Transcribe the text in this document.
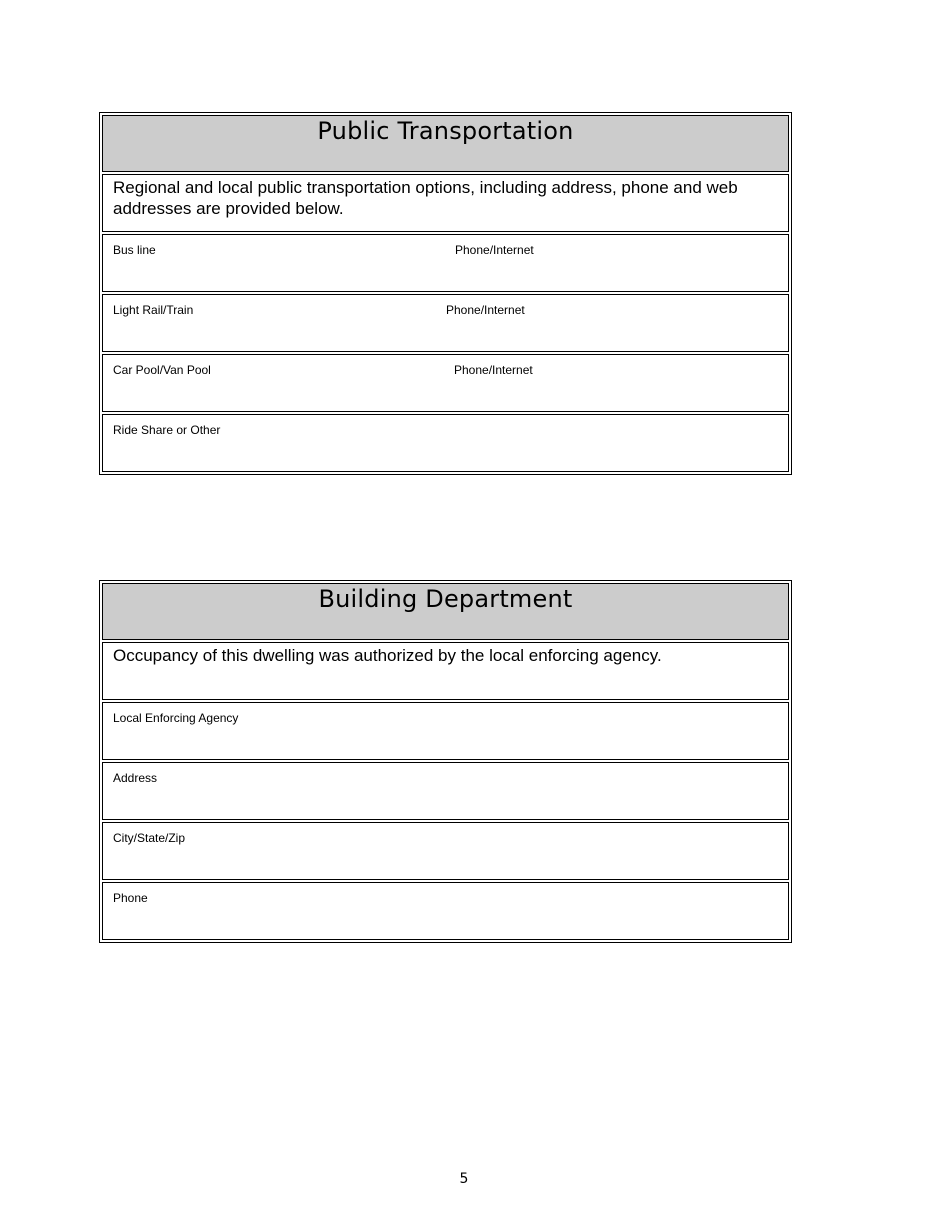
Public Transportation
Regional and local public transportation options, including address, phone and web addresses are provided below.
Bus line	Phone/Internet
Light Rail/Train	Phone/Internet
Car Pool/Van Pool	Phone/Internet
Ride Share or Other
Building Department
Occupancy of this dwelling was authorized by the local enforcing agency.
Local Enforcing Agency
Address
City/State/Zip
Phone
5
